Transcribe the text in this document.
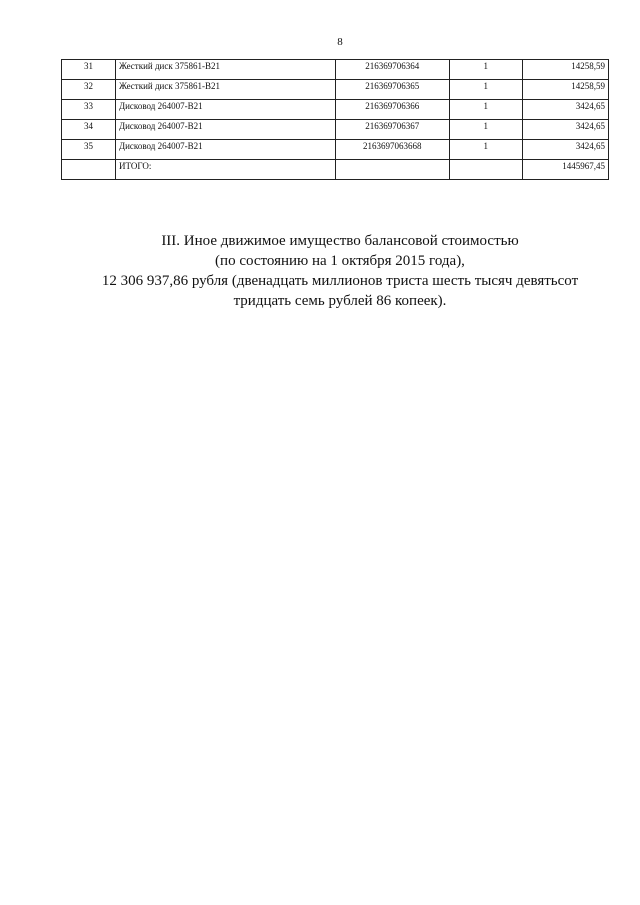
8
31	Жесткий диск 375861-B21	216369706364	1	14258,59
32	Жесткий диск 375861-B21	216369706365	1	14258,59
33	Дисковод 264007-B21	216369706366	1	3424,65
34	Дисковод 264007-B21	216369706367	1	3424,65
35	Дисковод 264007-B21	2163697063668	1	3424,65
	ИТОГО:			1445967,45
III. Иное движимое имущество балансовой стоимостью
(по состоянию на 1 октября 2015 года),
12 306 937,86 рубля (двенадцать миллионов триста шесть тысяч девятьсот
тридцать семь рублей 86 копеек).
